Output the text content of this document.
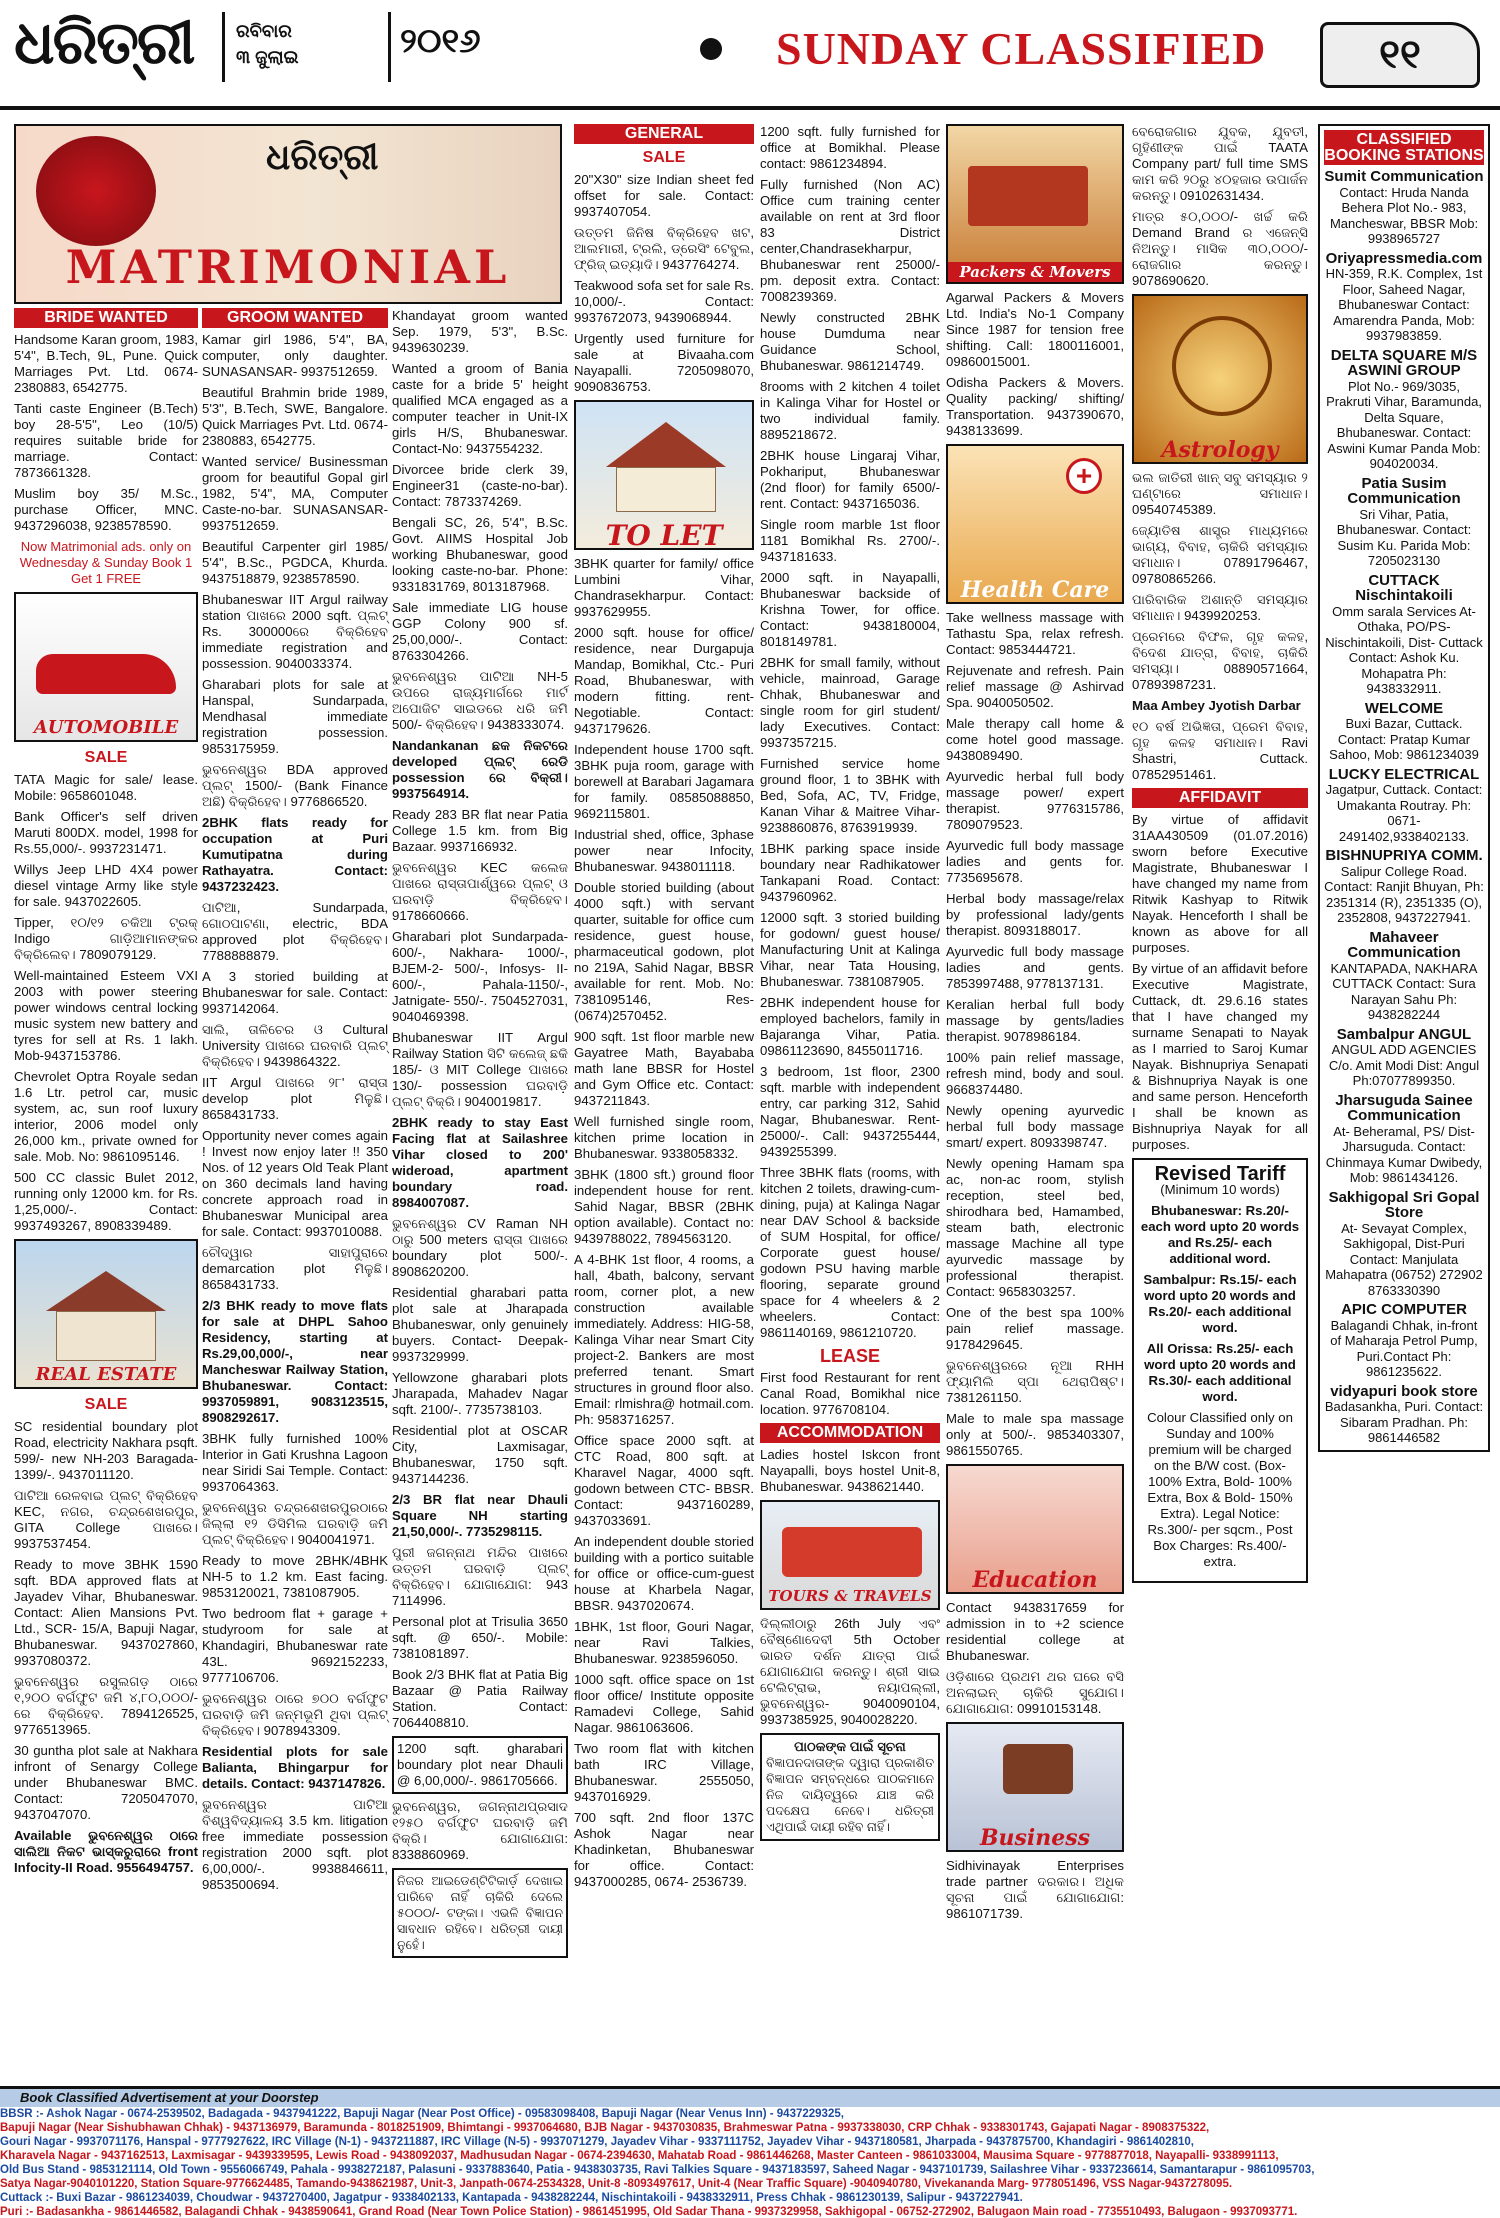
ଧରିତ୍ରୀ ରବିବାର
୩ ଜୁଲାଇ	୨୦୧୬	SUNDAY CLASSIFIED	୧୧
ଧରିତ୍ରୀ
MATRIMONIAL
BRIDE WANTED

Handsome Karan groom, 1983, 5'4", B.Tech, 9L, Pune. Quick Marriages Pvt. Ltd. 0674-2380883, 6542775.

Tanti caste Engineer (B.Tech) boy 28-5'5", Leo (10/5) requires suitable bride for marriage. Contact: 7873661328.

Muslim boy 35/ M.Sc., purchase Officer, MNC. 9437296038, 9238578590.

Now Matrimonial ads. only on Wednesday & Sunday Book 1 Get 1 FREE

AUTOMOBILE
SALE

TATA Magic for sale/ lease. Mobile: 9658601048.

Bank Officer's self driven Maruti 800DX. model, 1998 for Rs.55,000/-. 9937231471.

Willys Jeep LHD 4X4 power diesel vintage Army like style for sale. 9437022605.

Tipper, ୧୦/୧୨ ଚକିଆ ଟ୍ରକ୍ Indigo ଗାଡ଼ିଆମାନଙ୍କର ବିକ୍ରିଲେବ। 7809079129.

Well-maintained Esteem VXI 2003 with power steering power windows central locking music system new battery and tyres for sell at Rs. 1 lakh. Mob-9437153786.

Chevrolet Optra Royale sedan 1.6 Ltr. petrol car, music system, ac, sun roof luxury interior, 2006 model only 26,000 km., private owned for sale. Mob. No: 9861095146.

500 CC classic Bulet 2012, running only 12000 km. for Rs. 1,25,000/-. Contact: 9937493267, 8908339489.

REAL ESTATE
SALE

SC residential boundary plot Road, electricity Nakhara psqft. 599/- new NH-203 Baragada-1399/-. 9437011120.

ପାଟିଆ ରେଳବାଇ ପ୍ଲଟ୍ ବିକ୍ରିହେବ KEC, ନଗର, ଚନ୍ଦ୍ରଶେଖରପୁର, GITA College ପାଖରେ। 9937537454.

Ready to move 3BHK 1590 sqft. BDA approved flats at Jayadev Vihar, Bhubaneswar. Contact: Alien Mansions Pvt. Ltd., SCR- 15/A, Bapuji Nagar, Bhubaneswar. 9437027860, 9937080372.

ଭୁବନେଶ୍ୱର ରସୁଲଗଡ଼ ଠାରେ ୧,୨୦୦ ବର୍ଗଫୁଟ ଜମି ୪,୮୦,୦୦୦/-ରେ ବିକ୍ରିହେବ. 7894126525, 9776513965.

30 guntha plot sale at Nakhara infront of Senargy College under Bhubaneswar BMC. Contact: 7205047070, 9437047070.

Available ଭୁବନେଶ୍ୱର ଠାରେ ସାଲିଆ ନିକଟ ଭାସ୍କରୁରାରେ front Infocity-II Road. 9556494757.

GROOM WANTED

Kamar girl 1986, 5'4", BA, computer, only daughter. SUNASANSAR- 9937512659.

Beautiful Brahmin bride 1989, 5'3", B.Tech, SWE, Bangalore. Quick Marriages Pvt. Ltd. 0674-2380883, 6542775.

Wanted service/ Businessman groom for beautiful Gopal girl 1982, 5'4", MA, Computer Caste-no-bar. SUNASANSAR- 9937512659.

Beautiful Carpenter girl 1985/ 5'4", B.Sc., PGDCA, Khurda. 9437518879, 9238578590.

Bhubaneswar IIT Argul railway station ପାଖରେ 2000 sqft. ପ୍ଲଟ୍ Rs. 300000ରେ ବିକ୍ରିହେବ immediate registration and possession. 9040033374.

Gharabari plots for sale at Hanspal, Sundarpada, Mendhasal immediate registration possession. 9853175959.

ଭୁବନେଶ୍ୱର BDA approved ପ୍ଲଟ୍ 1500/- (Bank Finance ଅଛି) ବିକ୍ରିହେବ। 9776866520.

2BHK flats ready for occupation at Puri Kumutipatna during Rathayatra. Contact: 9437232423.

ପାଟିଆ, Sundarpada, ଗୋଠପାଟଣା, electric, BDA approved plot ବିକ୍ରିହେବ। 7788888879.

A 3 storied building at Bhubaneswar for sale. Contact: 9937142064.

ସାଲି, ତାଳିଚେର ଓ Cultural University ପାଖରେ ଘରବାରି ପ୍ଲଟ୍ ବିକ୍ରିହେବ। 9439864322.

IIT Argul ପାଖରେ ୨୮' ରାସ୍ତା develop plot ମିଳୁଛି। 8658431733.

Opportunity never comes again ! Invest now enjoy later !! 350 Nos. of 12 years Old Teak Plant on 360 decimals land having concrete approach road in Bhubaneswar Municipal area for sale. Contact: 9937010088.

ଚୌଦ୍ୱାର ସାହାପୁରାରେ demarcation plot ମିଳୁଛି। 8658431733.

2/3 BHK ready to move flats for sale at DHPL Sahoo Residency, starting at Rs.29,00,000/-, near Mancheswar Railway Station, Bhubaneswar. Contact: 9937059891, 9083123515, 8908292617.

3BHK fully furnished 100% Interior in Gati Krushna Lagoon near Siridi Sai Temple. Contact: 9937064363.

ଭୁବନେଶ୍ୱର ଚନ୍ଦ୍ରଶେଖରପୁରଠାରେ ଜିଲ୍ଲା ୧୨ ଡିସିମିଲ ଘରବାଡ଼ି ଜମି ପ୍ଲଟ୍ ବିକ୍ରିହେବ। 9040041971.

Ready to move 2BHK/4BHK NH-5 to 1.2 km. East facing. 9853120021, 7381087905.

Two bedroom flat + garage + studyroom for sale at Khandagiri, Bhubaneswar rate 43L. 9692152233, 9777106706.

ଭୁବନେଶ୍ୱର ଠାରେ ୭୦୦ ବର୍ଗଫୁଟ ଘରବାଡ଼ି ଜମି ଜନ୍ମଭୂମି ଥିବା ପ୍ଲଟ୍ ବିକ୍ରିହେବ। 9078943309.

Residential plots for sale Balianta, Bhingarpur for details. Contact: 9437147826.

ଭୁବନେଶ୍ୱର ପାଟିଆ ବିଶ୍ୱବିଦ୍ୟାଳୟ 3.5 km. litigation free immediate possession registration 2000 sqft. plot 6,00,000/-. 9938846611, 9853500694.

Khandayat groom wanted Sep. 1979, 5'3", B.Sc. 9439630239.

Wanted a groom of Bania caste for a bride 5' height qualified MCA engaged as a computer teacher in Unit-IX girls H/S, Bhubaneswar. Contact-No: 9437554232.

Divorcee bride clerk 39, Engineer31 (caste-no-bar). Contact: 7873374269.

Bengali SC, 26, 5'4", B.Sc. Govt. AIIMS Hospital Job working Bhubaneswar, good looking caste-no-bar. Phone: 9331831769, 8013187968.

Sale immediate LIG house GGP Colony 900 sf. 25,00,000/-. Contact: 8763304266.

ଭୁବନେଶ୍ୱର ପାଟିଆ NH-5 ଉପରେ ରାଜ୍ୟମାର୍ଗରେ ମାର୍ଟ ଅପୋଜିଟ ସାଇଡରେ ଧରି ଜମି 500/- ବିକ୍ରିହେବ। 9438333074.

Nandankanan ଛକ ନିକଟରେ developed ପ୍ଲଟ୍ ରେଡି possession ରେ ବିକ୍ରୀ। 9937564914.

Ready 283 BR flat near Patia College 1.5 km. from Big Bazaar. 9937166932.

ଭୁବନେଶ୍ୱର KEC କଲେଜ ପାଖରେ ରାସ୍ତାପାର୍ଶ୍ୱରେ ପ୍ଲଟ୍ ଓ ଘରବାଡ଼ି ବିକ୍ରିହେବ। 9178660666.

Gharabari plot Sundarpada- 600/-, Nakhara- 1000/-, BJEM-2- 500/-, Infosys- II-600/-, Pahala-1150/-, Jatnigate- 550/-. 7504527031, 9040469398.

Bhubaneswar IIT Argul Railway Station ସିଟି କଲେଜ୍ ଛକି 185/- ଓ MIT College ପାଖରେ 130/- possession ଘରବାଡ଼ି ପ୍ଲଟ୍ ବିକ୍ରି। 9040019817.

2BHK ready to stay East Facing flat at Sailashree Vihar closed to 200' wideroad, apartment boundary road. 8984007087.

ଭୁବନେଶ୍ୱର CV Raman NH ଠାରୁ 500 meters ରାସ୍ତା ପାଖରେ boundary plot 500/-. 8908620200.

Residential gharabari patta plot sale at Jharapada Bhubaneswar, only genuinely buyers. Contact- Deepak-9937329999.

Yellowzone gharabari plots Jharapada, Mahadev Nagar sqft. 2100/-. 7735738103.

Residential plot at OSCAR City, Laxmisagar, Bhubaneswar, 1750 sqft. 9437144236.

2/3 BR flat near Dhauli Square NH starting 21,50,000/-. 7735298115.

ପୁରୀ ଜଗନ୍ନାଥ ମନ୍ଦିର ପାଖରେ ଉତ୍ତମ ଘରବାଡ଼ି ପ୍ଲଟ୍ ବିକ୍ରିହେବ। ଯୋଗାଯୋଗ: 943 7114996.

Personal plot at Trisulia 3650 sqft. @ 650/-. Mobile: 7381081897.

Book 2/3 BHK flat at Patia Big Bazaar @ Patia Railway Station. Contact: 7064408810.

1200 sqft. gharabari boundary plot near Dhauli @ 6,00,000/-. 9861705666.

ଭୁବନେଶ୍ୱର, ଜଗନ୍ନାଥପ୍ରସାଦ ୧୨୫୦ ବର୍ଗଫୁଟ ଘରବାଡ଼ି ଜମି ବିକ୍ରି। ଯୋଗାଯୋଗ: 8338860969.

ନିଜର ଆଇଡେଣ୍ଟିଟିକାର୍ଡ଼ ଦେଖାଇ ପାରିବେ ନାହିଁ ଚାକିରି ଦେଲେ ୫୦୦୦/- ଟଙ୍କା। ଏଭଳି ବିଜ୍ଞାପନ ସାବଧାନ ରହିବେ। ଧରିତ୍ରୀ ଦାୟୀ ନୁହେଁ।

GENERAL
SALE

20"X30" size Indian sheet fed offset for sale. Contact: 9937407054.

ଉତ୍ତମ ଜିନିଷ ବିକ୍ରିହେବ ଖଟ, ଆଲମାରୀ, ଟ୍ରଲି, ଡ୍ରେସିଂ ଟେବୁଲ, ଫ୍ରିଜ୍ ଇତ୍ୟାଦି। 9437764274.

Teakwood sofa set for sale Rs. 10,000/-. Contact: 9937672073, 9439068944.

Urgently used furniture for sale at Bivaaha.com Nayapalli. 7205098070, 9090836753.

TO LET

3BHK quarter for family/ office Lumbini Vihar, Chandrasekharpur. Contact: 9937629955.

2000 sqft. house for office/ residence, near Durgapuja Mandap, Bomikhal, Ctc.- Puri Road, Bhubaneswar, with modern fitting. rent-Negotiable. Contact: 9437179626.

Independent house 1700 sqft. 3BHK puja room, garage with borewell at Barabari Jagamara for family. 08585088850, 9692115801.

Industrial shed, office, 3phase power near Infocity, Bhubaneswar. 9438011118.

Double storied building (about 4000 sqft.) with servant quarter, suitable for office cum residence, guest house, pharmaceutical godown, plot no 219A, Sahid Nagar, BBSR available for rent. Mob. No: 7381095146, Res- (0674)2570452.

900 sqft. 1st floor marble new Gayatree Math, Bayababa math lane BBSR for Hostel and Gym Office etc. Contact: 9437211843.

Well furnished single room, kitchen prime location in Bhubaneswar. 9338058332.

3BHK (1800 sft.) ground floor independent house for rent. Sahid Nagar, BBSR (2BHK option available). Contact no: 9439788022, 7894563120.

A 4-BHK 1st floor, 4 rooms, a hall, 4bath, balcony, servant room, corner plot, a new construction available immediately. Address: HIG-58, Kalinga Vihar near Smart City project-2. Bankers are most preferred tenant. Smart structures in ground floor also. Email: rlmishra@ hotmail.com. Ph: 9583716257.

Office space 2000 sqft. at CTC Road, 800 sqft. at Kharavel Nagar, 4000 sqft. godown between CTC- BBSR. Contact: 9437160289, 9437033691.

An independent double storied building with a portico suitable for office or office-cum-guest house at Kharbela Nagar, BBSR. 9437020674.

1BHK, 1st floor, Gouri Nagar, near Ravi Talkies, Bhubaneswar. 9238596050.

1000 sqft. office space on 1st floor office/ Institute opposite Ramadevi College, Sahid Nagar. 9861063606.

Two room flat with kitchen bath IRC Village, Bhubaneswar. 2555050, 9437016929.

700 sqft. 2nd floor 137C Ashok Nagar near Khadinketan, Bhubaneswar for office. Contact: 9437000285, 0674- 2536739.

1200 sqft. fully furnished for office at Bomikhal. Please contact: 9861234894.

Fully furnished (Non AC) Office cum training center available on rent at 3rd floor 83 District center,Chandrasekharpur, Bhubaneswar rent 25000/- pm. deposit extra. Contact: 7008239369.

Newly constructed 2BHK house Dumduma near Guidance School, Bhubaneswar. 9861214749.

8rooms with 2 kitchen 4 toilet in Kalinga Vihar for Hostel or two individual family. 8895218672.

2BHK house Lingaraj Vihar, Pokhariput, Bhubaneswar (2nd floor) for family 6500/- rent. Contact: 9437165036.

Single room marble 1st floor 1181 Bomikhal Rs. 2700/-. 9437181633.

2000 sqft. in Nayapalli, Bhubaneswar backside of Krishna Tower, for office. Contact: 9438180004, 8018149781.

2BHK for small family, without vehicle, mainroad, Garage Chhak, Bhubaneswar and single room for girl student/ lady Executives. Contact: 9937357215.

Furnished service home ground floor, 1 to 3BHK with Bed, Sofa, AC, TV, Fridge, Kanan Vihar & Maitree Vihar- 9238860876, 8763919939.

1BHK parking space inside boundary near Radhikatower Tankapani Road. Contact: 9437960962.

12000 sqft. 3 storied building for godown/ guest house/ Manufacturing Unit at Kalinga Vihar, near Tata Housing, Bhubaneswar. 7381087905.

2BHK independent house for employed bachelors, family in Bajaranga Vihar, Patia. 09861123690, 8455011716.

3 bedroom, 1st floor, 2300 sqft. marble with independent entry, car parking 312, Sahid Nagar, Bhubaneswar. Rent- 25000/-. Call: 9437255444, 9439255399.

Three 3BHK flats (rooms, with kitchen 2 toilets, drawing-cum-dining, puja) at Kalinga Nagar near DAV School & backside of SUM Hospital, for office/ Corporate guest house/ godown PSU having marble flooring, separate ground space for 4 wheelers & 2 wheelers. Contact: 9861140169, 9861210720.

LEASE

First food Restaurant for rent Canal Road, Bomikhal nice location. 9776708104.

ACCOMMODATION

Ladies hostel Iskcon front Nayapalli, boys hostel Unit-8, Bhubaneswar. 9438621440.

TOURS & TRAVELS

ଦିଲ୍ଲୀଠାରୁ 26th July ଏବଂ ବୈଷ୍ଣୋଦେବୀ 5th October ଭାରତ ଦର୍ଶନ ଯାତ୍ରା ପାଇଁ ଯୋଗାଯୋଗ କରନ୍ତୁ। ଶ୍ରୀ ସାଇ ଟେଲିଟ୍ରାଭ, ନୟାପଲ୍ଲୀ, ଭୁବନେଶ୍ୱର- 9040090104, 9937385925, 9040028220.

ପାଠକଙ୍କ ପାଇଁ ସୂଚନା
ବିଜ୍ଞାପନଦାତାଙ୍କ ଦ୍ୱାରା ପ୍ରକାଶିତ ବିଜ୍ଞାପନ ସମ୍ବନ୍ଧରେ ପାଠକମାନେ ନିଜ ଦାୟିତ୍ୱରେ ଯାଞ୍ଚ କରି ପଦକ୍ଷେପ ନେବେ। ଧରିତ୍ରୀ ଏଥିପାଇଁ ଦାୟୀ ରହିବ ନାହିଁ।
Packers & Movers

Agarwal Packers & Movers Ltd. India's No-1 Company Since 1987 for tension free shifting. Call: 1800116001, 09860015001.

Odisha Packers & Movers. Quality packing/ shifting/ Transportation. 9437390670, 9438133699.

+
Health Care

Take wellness massage with Tathastu Spa, relax refresh. Contact: 9853444721.

Rejuvenate and refresh. Pain relief massage @ Ashirvad Spa. 9040050502.

Male therapy call home & come hotel good massage. 9438089490.

Ayurvedic herbal full body massage power/ expert therapist. 9776315786, 7809079523.

Ayurvedic full body massage ladies and gents for. 7735695678.

Herbal body massage/relax by professional lady/gents therapist. 8093188017.

Ayurvedic full body massage ladies and gents. 7853997488, 9778137131.

Keralian herbal full body massage by gents/ladies therapist. 9078986184.

100% pain relief massage, refresh mind, body and soul. 9668374480.

Newly opening ayurvedic herbal full body massage smart/ expert. 8093398747.

Newly opening Hamam spa ac, non-ac room, stylish reception, steel bed, shirodhara bed, Hamambed, steam bath, electronic massage Machine all type ayurvedic massage by professional therapist. Contact: 9658303257.

One of the best spa 100% pain relief massage. 9178429645.

ଭୁବନେଶ୍ୱରରେ ନୂଆ RHH ଫ୍ୟାମିଲି ସ୍ପା ଥେରାପିଷ୍ଟ। 7381261150.

Male to male spa massage only at 500/-. 9853403307, 9861550765.

Education

Contact 9438317659 for admission in to +2 science residential college at Bhubaneswar.

ଓଡ଼ିଶାରେ ପ୍ରଥମ ଥର ଘରେ ବସି ଅନଲାଇନ୍ ଚାକିରି ସୁଯୋଗ। ଯୋଗାଯୋଗ: 09910153148.

Business

Sidhivinayak Enterprises trade partner ଦରକାର। ଅଧିକ ସୂଚନା ପାଇଁ ଯୋଗାଯୋଗ: 9861071739.

ବେରୋଜଗାର ଯୁବକ, ଯୁବତୀ, ଗୃହିଣୀଙ୍କ ପାଇଁ TAATA Company part/ full time SMS କାମ କରି ୨୦ରୁ ୪୦ହଜାର ଉପାର୍ଜନ କରନ୍ତୁ। 09102631434.

ମାତ୍ର ୫୦,୦୦୦/- ଖର୍ଚ୍ଚ କରି Demand Brand ର ଏଜେନ୍ସି ନିଅନ୍ତୁ। ମାସିକ ୩୦,୦୦୦/- ରୋଜଗାର କରନ୍ତୁ। 9078690620.

Astrology

ଭଲ ଜାତିରୀ ଖାନ୍ ସବୁ ସମସ୍ୟାର ୨ ଘଣ୍ଟାରେ ସମାଧାନ। 09540745389.

ଜ୍ୟୋତିଷ ଶାସ୍ତ୍ର ମାଧ୍ୟମରେ ଭାଗ୍ୟ, ବିବାହ, ଚାକିରି ସମସ୍ୟାର ସମାଧାନ। 07891796467, 09780865266.

ପାରିବାରିକ ଅଶାନ୍ତି ସମସ୍ୟାର ସମାଧାନ। 9439920253.

ପ୍ରେମରେ ବିଫଳ, ଗୃହ କଳହ, ବିଦେଶ ଯାତ୍ରା, ବିବାହ, ଚାକିରି ସମସ୍ୟା। 08890571664, 07893987231.

Maa Ambey Jyotish Darbar

୧୦ ବର୍ଷ ଅଭିଜ୍ଞତା, ପ୍ରେମ ବିବାହ, ଗୃହ କଳହ ସମାଧାନ। Ravi Shastri, Cuttack. 07852951461.

AFFIDAVIT

By virtue of affidavit 31AA430509 (01.07.2016) sworn before Executive Magistrate, Bhubaneswar I have changed my name from Ritwik Kashyap to Ritwik Nayak. Henceforth I shall be known as above for all purposes.

By virtue of an affidavit before Executive Magistrate, Cuttack, dt. 29.6.16 states that I have changed my surname Senapati to Nayak as I married to Saroj Kumar Nayak. Bishnupriya Senapati & Bishnupriya Nayak is one and same person. Henceforth I shall be known as Bishnupriya Nayak for all purposes.

Revised Tariff

(Minimum 10 words)

Bhubaneswar: Rs.20/- each word upto 20 words and Rs.25/- each additional word.

Sambalpur: Rs.15/- each word upto 20 words and Rs.20/- each additional word.

All Orissa: Rs.25/- each word upto 20 words and Rs.30/- each additional word.

Colour Classified only on Sunday and 100% premium will be charged on the B/W cost. (Box-100% Extra, Bold- 100% Extra, Box & Bold- 150% Extra). Legal Notice: Rs.300/- per sqcm., Post Box Charges: Rs.400/- extra.

CLASSIFIED BOOKING STATIONS
Sumit Communication
Contact: Hruda Nanda Behera Plot No.- 983, Mancheswar, BBSR Mob: 9938965727
Oriyapressmedia.com
HN-359, R.K. Complex, 1st Floor, Saheed Nagar, Bhubaneswar Contact: Amarendra Panda, Mob: 9937983859.
DELTA SQUARE M/S ASWINI GROUP
Plot No.- 969/3035, Prakruti Vihar, Baramunda, Delta Square, Bhubaneswar. Contact: Aswini Kumar Panda Mob: 904020034.
Patia Susim Communication
Sri Vihar, Patia, Bhubaneswar. Contact: Susim Ku. Parida Mob: 7205023130
CUTTACK Nischintakoili
Omm sarala Services At- Othaka, PO/PS- Nischintakoili, Dist- Cuttack Contact: Ashok Ku. Mohapatra Ph: 9438332911.
WELCOME
Buxi Bazar, Cuttack. Contact: Pratap Kumar Sahoo, Mob: 9861234039
LUCKY ELECTRICAL
Jagatpur, Cuttack. Contact: Umakanta Routray. Ph: 0671-2491402,9338402133.
BISHNUPRIYA COMM.
Salipur College Road. Contact: Ranjit Bhuyan, Ph: 2351314 (R), 2351335 (O), 2352808, 9437227941.
Mahaveer Communication
KANTAPADA, NAKHARA CUTTACK Contact: Sura Narayan Sahu Ph: 9438282244
Sambalpur ANGUL
ANGUL ADD AGENCIES C/o. Amit Modi Dist: Angul Ph:07077899350.
Jharsuguda Sainee Communication
At- Beheramal, PS/ Dist- Jharsuguda. Contact: Chinmaya Kumar Dwibedy, Mob: 9861434126.
Sakhigopal Sri Gopal Store
At- Sevayat Complex, Sakhigopal, Dist-Puri Contact: Manjulata Mahapatra (06752) 272902 8763330390
APIC COMPUTER
Balagandi Chhak, in-front of Maharaja Petrol Pump, Puri.Contact Ph: 9861235622.
vidyapuri book store
Badasankha, Puri. Contact: Sibaram Pradhan. Ph: 9861446582
Book Classified Advertisement at your Doorstep
BBSR :- Ashok Nagar - 0674-2539502, Badagada - 9437941222, Bapuji Nagar (Near Post Office) - 09583098408, Bapuji Nagar (Near Venus Inn) - 9437229325,
Bapuji Nagar (Near Sishubhawan Chhak) - 9437136979, Baramunda - 8018251909, Bhimtangi - 9937064680, BJB Nagar - 9437030835, Brahmeswar Patna - 9937338030, CRP Chhak - 9338301743, Gajapati Nagar - 8908375322,
Gouri Nagar - 9937071176, Hanspal - 9777927622, IRC Village (N-1) - 9437211887, IRC Village (N-5) - 9937071279, Jayadev Vihar - 9337111752, Jayadev Vihar - 9437180581, Jharpada - 9437875700, Khandagiri - 9861402810,
Kharavela Nagar - 9437162513, Laxmisagar - 9439339595, Lewis Road - 9438092037, Madhusudan Nagar - 0674-2394630, Mahatab Road - 9861446268, Master Canteen - 9861033004, Mausima Square - 9778877018, Nayapalli- 9338991113,
Old Bus Stand - 9853121114, Old Town - 9556066749, Pahala - 9938272187, Palasuni - 9337883640, Patia - 9438303735, Ravi Talkies Square - 9437183597, Saheed Nagar - 9437101739, Sailashree Vihar - 9337236614, Samantarapur - 9861095703,
Satya Nagar-9040101220, Station Square-9776624485, Tamando-9438621987, Unit-3, Janpath-0674-2534328, Unit-8 -8093497617, Unit-4 (Near Traffic Square) -9040940780, Vivekananda Marg- 9778051496, VSS Nagar-9437278095.
Cuttack :- Buxi Bazar - 9861234039, Choudwar - 9437270400, Jagatpur - 9338402133, Kantapada - 9438282244, Nischintakoili - 9438332911, Press Chhak - 9861230139, Salipur - 9437227941.
Puri :- Badasankha - 9861446582, Balagandi Chhak - 9438590641, Grand Road (Near Town Police Station) - 9861451995, Old Sadar Thana - 9937329958, Sakhigopal - 06752-272902, Balugaon Main road - 7735510493, Balugaon - 9937093771.
